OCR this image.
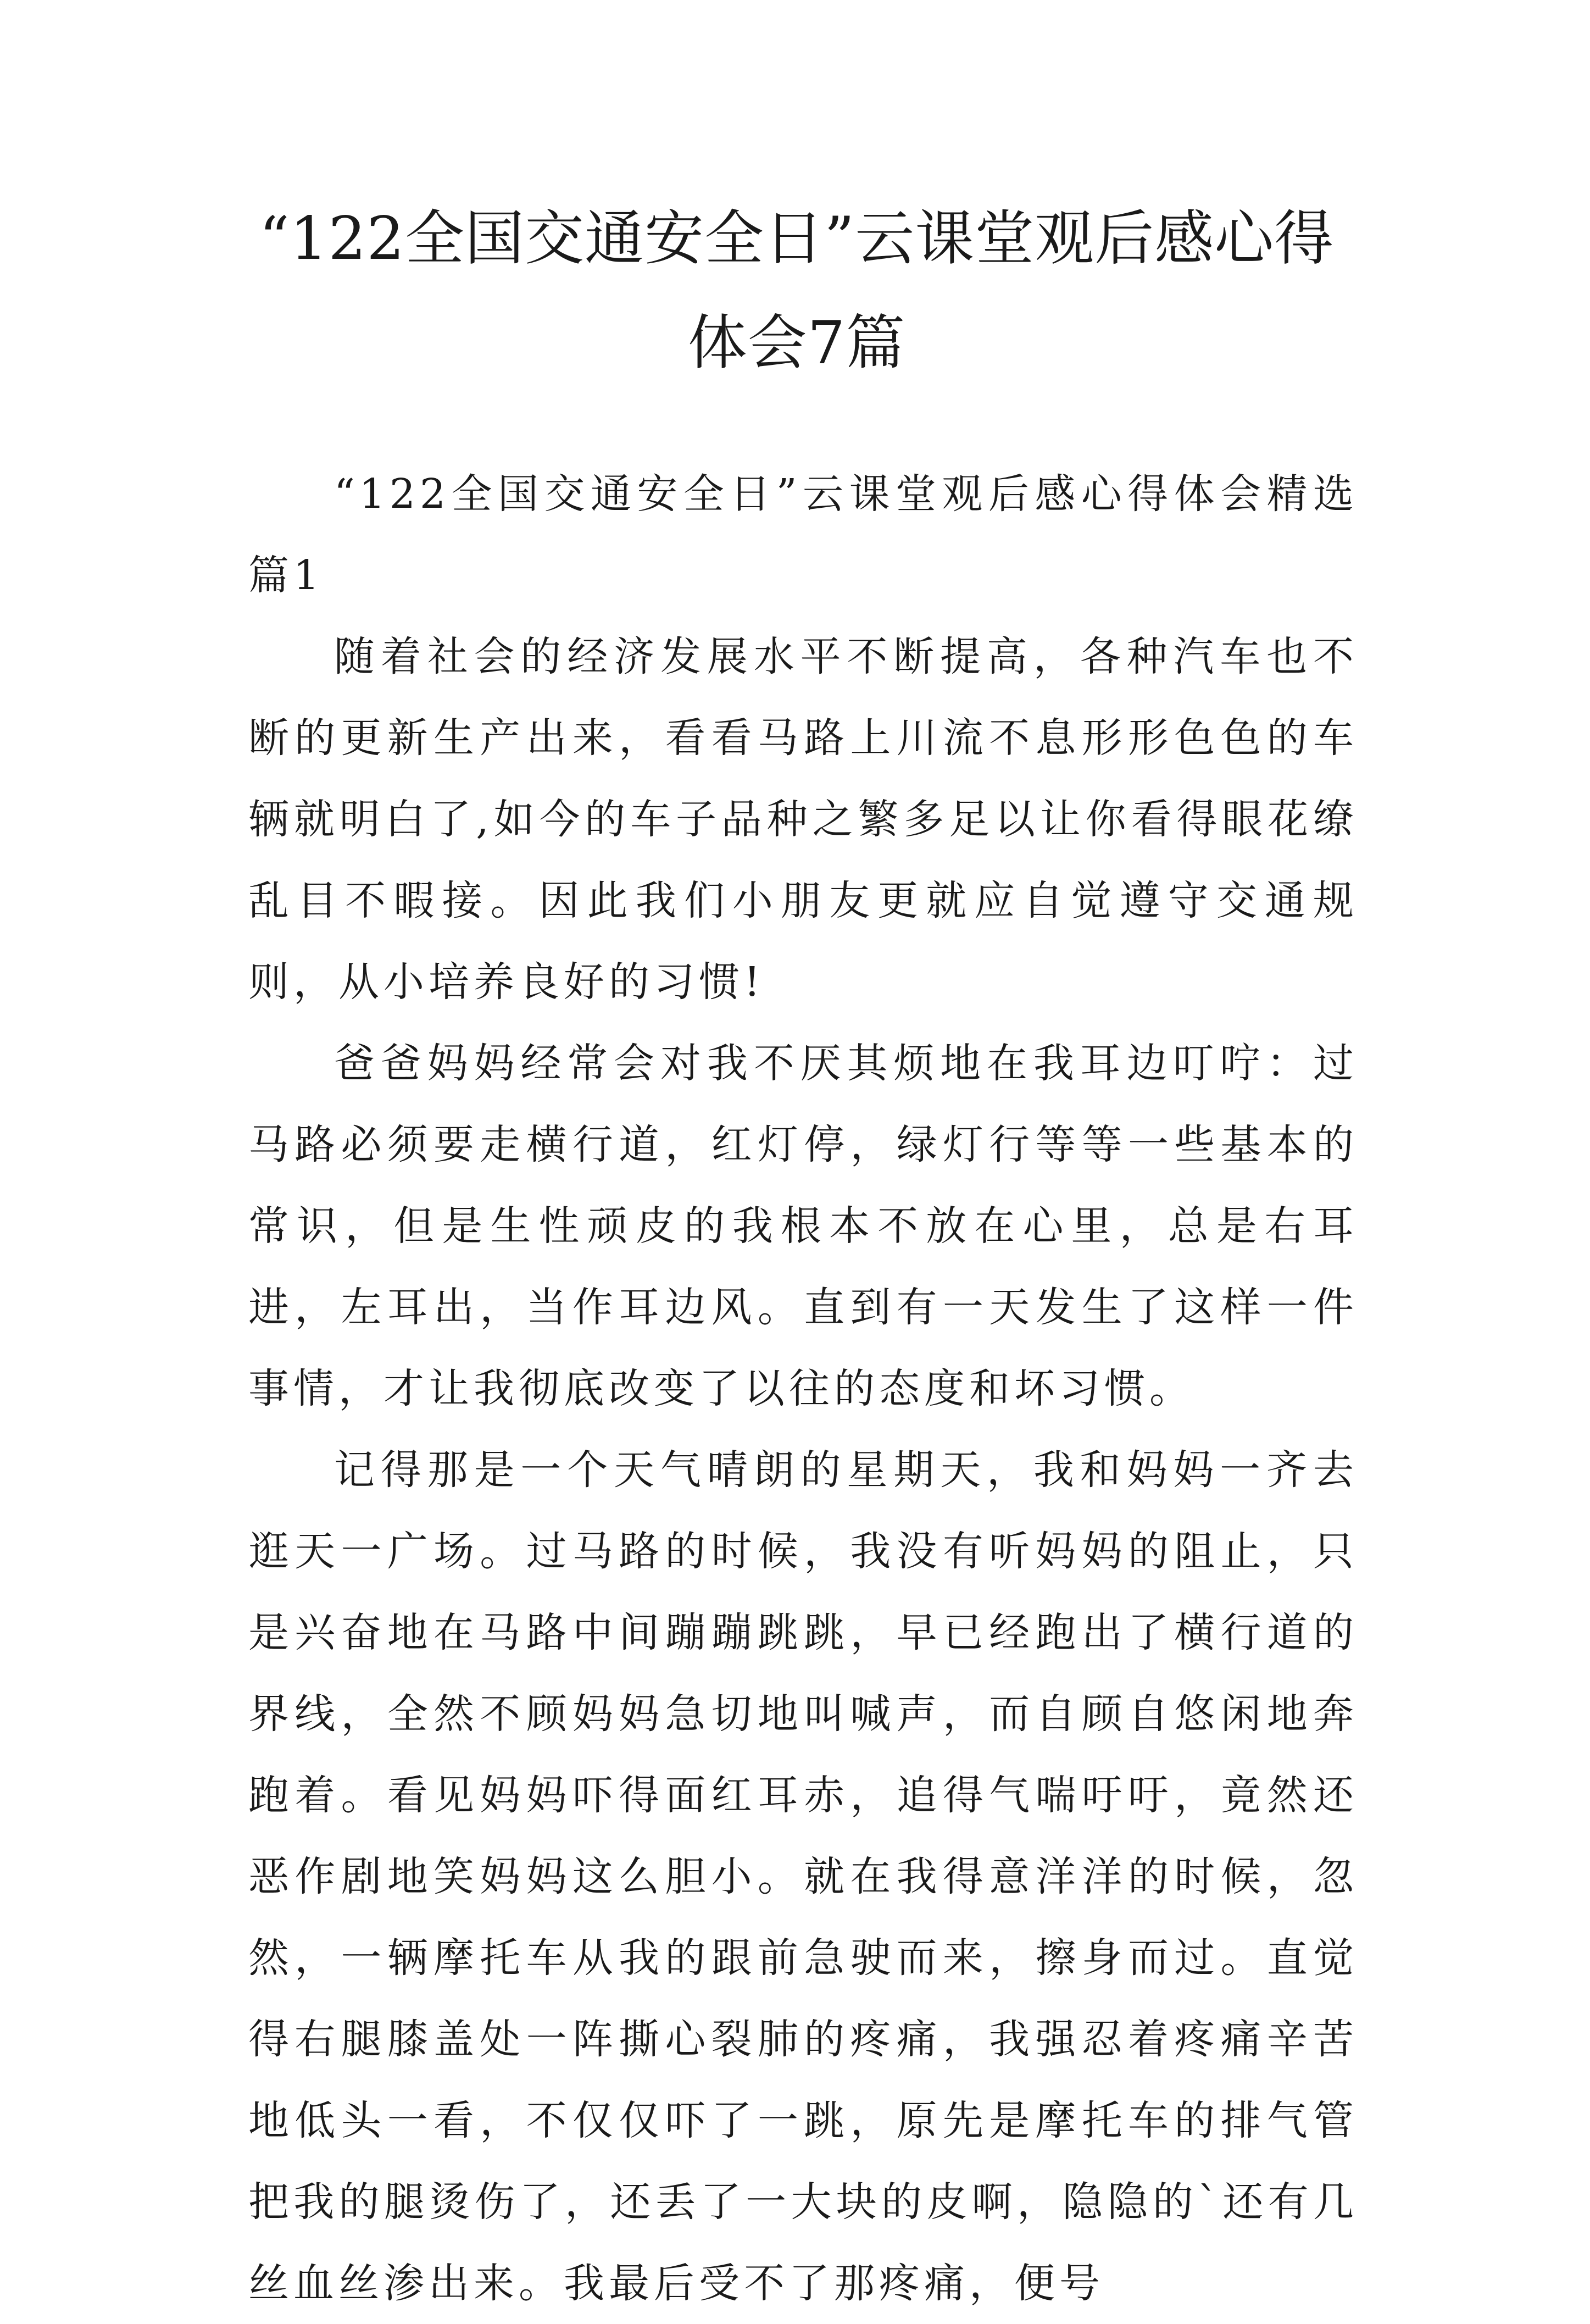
“122全国交通安全日”云课堂观后感心得
体会7篇

“122全国交通安全日”云课堂观后感心得体会精选篇1

随着社会的经济发展水平不断提高，各种汽车也不断的更新生产出来，看看马路上川流不息形形色色的车辆就明白了,如今的车子品种之繁多足以让你看得眼花缭乱目不暇接。因此我们小朋友更就应自觉遵守交通规则，从小培养良好的习惯!

爸爸妈妈经常会对我不厌其烦地在我耳边叮咛：过马路必须要走横行道，红灯停，绿灯行等等一些基本的常识，但是生性顽皮的我根本不放在心里，总是右耳进，左耳出，当作耳边风。直到有一天发生了这样一件事情，才让我彻底改变了以往的态度和坏习惯。

记得那是一个天气晴朗的星期天，我和妈妈一齐去逛天一广场。过马路的时候，我没有听妈妈的阻止，只是兴奋地在马路中间蹦蹦跳跳，早已经跑出了横行道的界线，全然不顾妈妈急切地叫喊声，而自顾自悠闲地奔跑着。看见妈妈吓得面红耳赤，追得气喘吁吁，竟然还恶作剧地笑妈妈这么胆小。就在我得意洋洋的时候，忽然，一辆摩托车从我的跟前急驶而来，擦身而过。直觉得右腿膝盖处一阵撕心裂肺的疼痛，我强忍着疼痛辛苦地低头一看，不仅仅吓了一跳，原先是摩托车的排气管把我的腿烫伤了，还丢了一大块的皮啊，隐隐的`还有几丝血丝渗出来。我最后受不了那疼痛，便号
